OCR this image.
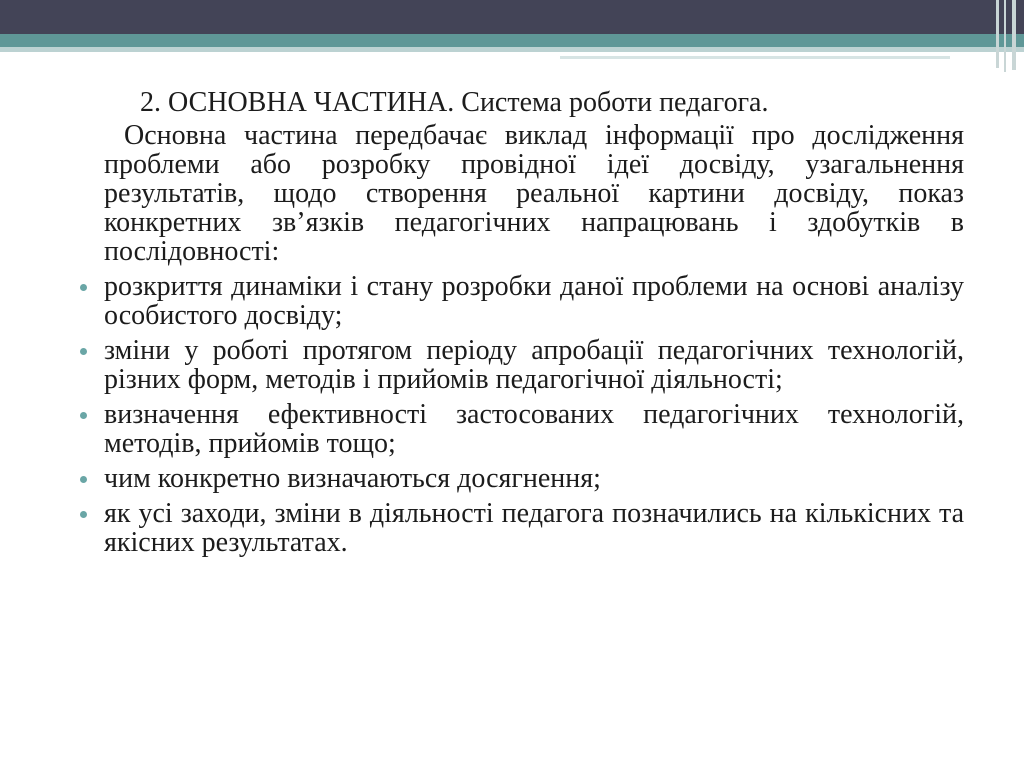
2. ОСНОВНА ЧАСТИНА. Система роботи педагога.

Основна частина передбачає виклад інформації про дослідження проблеми або розробку провідної ідеї досвіду, узагальнення результатів, щодо створення реальної картини досвіду, показ конкретних зв’язків педагогічних напрацювань і здобутків в послідовності:

розкриття динаміки і стану розробки даної проблеми на основі аналізу особистого досвіду;
зміни у роботі протягом періоду апробації педагогічних технологій, різних форм, методів і прийомів педагогічної діяльності;
визначення ефективності застосованих педагогічних технологій, методів, прийомів тощо;
чим конкретно визначаються досягнення;
як усі заходи, зміни в діяльності педагога позначились на кількісних та якісних результатах.
